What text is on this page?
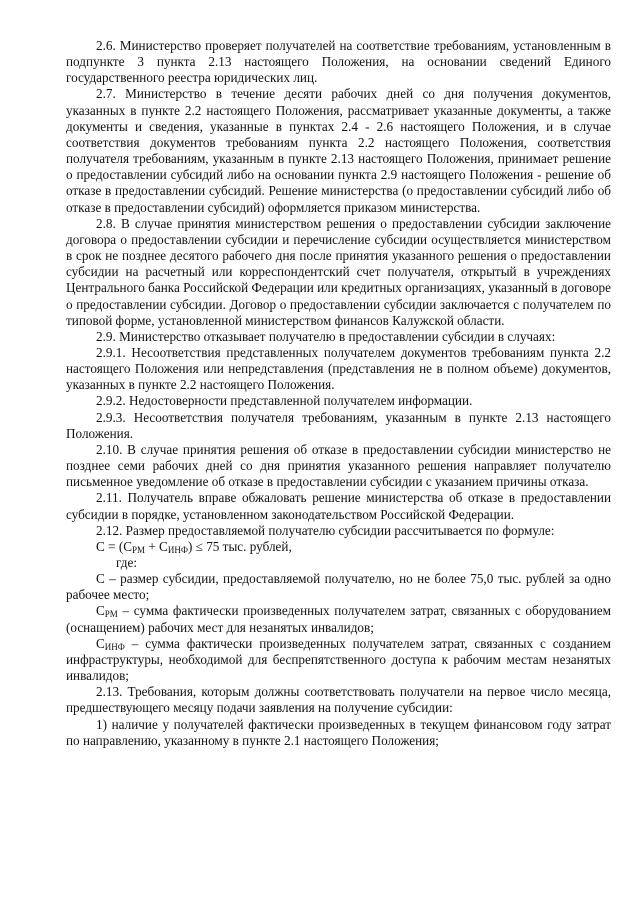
2.6. Министерство проверяет получателей на соответствие требованиям, установленным в подпункте 3 пункта 2.13 настоящего Положения, на основании сведений Единого государственного реестра юридических лиц.

2.7. Министерство в течение десяти рабочих дней со дня получения документов, указанных в пункте 2.2 настоящего Положения, рассматривает указанные документы, а также документы и сведения, указанные в пунктах 2.4 - 2.6 настоящего Положения, и в случае соответствия документов требованиям пункта 2.2 настоящего Положения, соответствия получателя требованиям, указанным в пункте 2.13 настоящего Положения, принимает решение о предоставлении субсидий либо на основании пункта 2.9 настоящего Положения - решение об отказе в предоставлении субсидий. Решение министерства (о предоставлении субсидий либо об отказе в предоставлении субсидий) оформляется приказом министерства.

2.8. В случае принятия министерством решения о предоставлении субсидии заключение договора о предоставлении субсидии и перечисление субсидии осуществляется министерством в срок не позднее десятого рабочего дня после принятия указанного решения о предоставлении субсидии на расчетный или корреспондентский счет получателя, открытый в учреждениях Центрального банка Российской Федерации или кредитных организациях, указанный в договоре о предоставлении субсидии. Договор о предоставлении субсидии заключается с получателем по типовой форме, установленной министерством финансов Калужской области.

2.9. Министерство отказывает получателю в предоставлении субсидии в случаях:

2.9.1. Несоответствия представленных получателем документов требованиям пункта 2.2 настоящего Положения или непредставления (представления не в полном объеме) документов, указанных в пункте 2.2 настоящего Положения.

2.9.2. Недостоверности представленной получателем информации.

2.9.3. Несоответствия получателя требованиям, указанным в пункте 2.13 настоящего Положения.

2.10. В случае принятия решения об отказе в предоставлении субсидии министерство не позднее семи рабочих дней со дня принятия указанного решения направляет получателю письменное уведомление об отказе в предоставлении субсидии с указанием причины отказа.

2.11. Получатель вправе обжаловать решение министерства об отказе в предоставлении субсидии в порядке, установленном законодательством Российской Федерации.

2.12. Размер предоставляемой получателю субсидии рассчитывается по формуле:

$С = (С_{РМ} + С_{ИНФ}) \le 75$ тыс. рублей,

где:

С – размер субсидии, предоставляемой получателю, но не более 75,0 тыс. рублей за одно рабочее место;

$С_{РМ}$ – сумма фактически произведенных получателем затрат, связанных с оборудованием (оснащением) рабочих мест для незанятых инвалидов;

$С_{ИНФ}$ – сумма фактически произведенных получателем затрат, связанных с созданием инфраструктуры, необходимой для беспрепятственного доступа к рабочим местам незанятых инвалидов;

2.13. Требования, которым должны соответствовать получатели на первое число месяца, предшествующего месяцу подачи заявления на получение субсидии:

1) наличие у получателей фактически произведенных в текущем финансовом году затрат по направлению, указанному в пункте 2.1 настоящего Положения;
